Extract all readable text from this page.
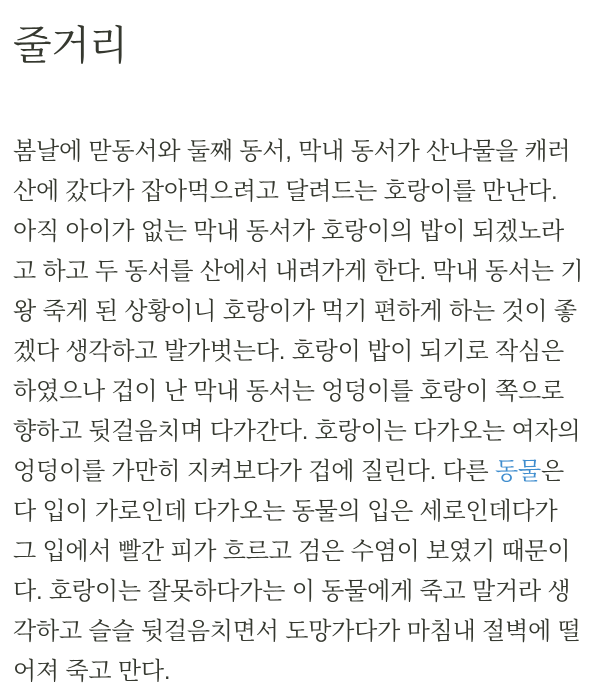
줄거리

봄날에 맏동서와 둘째 동서, 막내 동서가 산나물을 캐러 산에 갔다가 잡아먹으려고 달려드는 호랑이를 만난다. 아직 아이가 없는 막내 동서가 호랑이의 밥이 되겠노라고 하고 두 동서를 산에서 내려가게 한다. 막내 동서는 기왕 죽게 된 상황이니 호랑이가 먹기 편하게 하는 것이 좋겠다 생각하고 발가벗는다. 호랑이 밥이 되기로 작심은 하였으나 겁이 난 막내 동서는 엉덩이를 호랑이 쪽으로 향하고 뒷걸음치며 다가간다. 호랑이는 다가오는 여자의 엉덩이를 가만히 지켜보다가 겁에 질린다. 다른 동물은 다 입이 가로인데 다가오는 동물의 입은 세로인데다가 그 입에서 빨간 피가 흐르고 검은 수염이 보였기 때문이다. 호랑이는 잘못하다가는 이 동물에게 죽고 말거라 생각하고 슬슬 뒷걸음치면서 도망가다가 마침내 절벽에 떨어져 죽고 만다.
